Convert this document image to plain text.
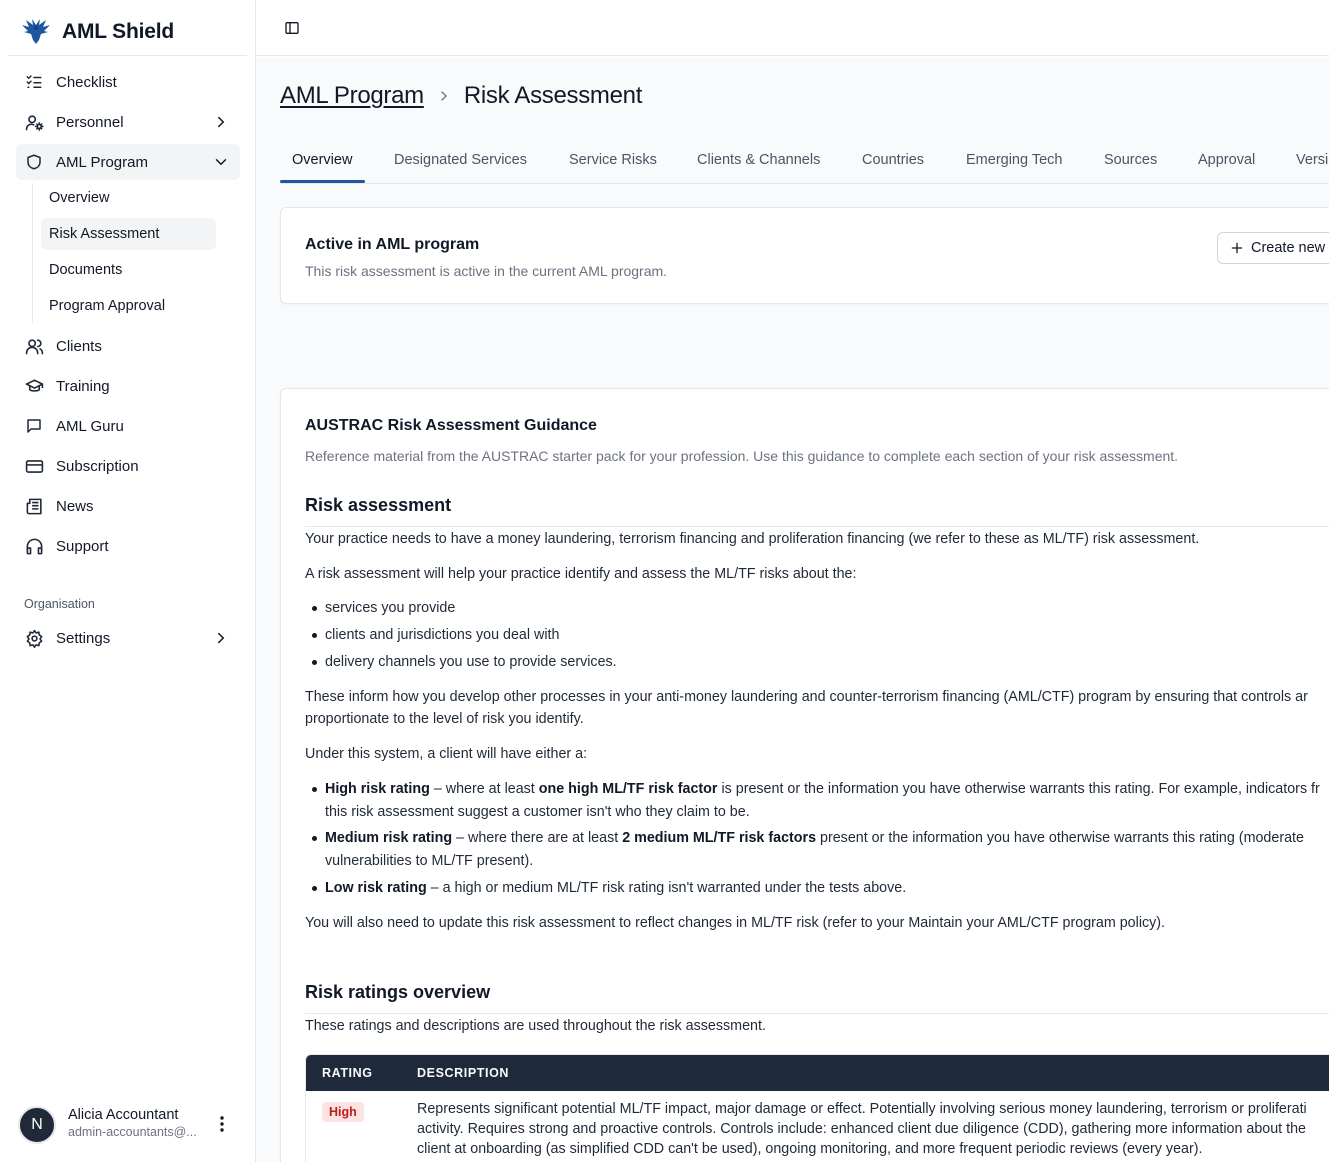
AML Shield
Checklist
Personnel
AML Program
Overview
Risk Assessment
Documents
Program Approval
Clients
Training
AML Guru
Subscription
News
Support
Organisation
Settings
N
Alicia Accountant
admin-accountants@...
AML Program Risk Assessment
Overview	Designated Services	Service Risks	Clients & Channels	Countries	Emerging Tech	Sources	Approval	Versi
Active in AML program
This risk assessment is active in the current AML program.
Create new
AUSTRAC Risk Assessment Guidance
Reference material from the AUSTRAC starter pack for your profession. Use this guidance to complete each section of your risk assessment.
Risk assessment
Your practice needs to have a money laundering, terrorism financing and proliferation financing (we refer to these as ML/TF) risk assessment.
A risk assessment will help your practice identify and assess the ML/TF risks about the:
services you provide
clients and jurisdictions you deal with
delivery channels you use to provide services.
These inform how you develop other processes in your anti-money laundering and counter-terrorism financing (AML/CTF) program by ensuring that controls ar
proportionate to the level of risk you identify.
Under this system, a client will have either a:
High risk rating – where at least one high ML/TF risk factor is present or the information you have otherwise warrants this rating. For example, indicators fr
this risk assessment suggest a customer isn't who they claim to be.
Medium risk rating – where there are at least 2 medium ML/TF risk factors present or the information you have otherwise warrants this rating (moderate
vulnerabilities to ML/TF present).
Low risk rating – a high or medium ML/TF risk rating isn't warranted under the tests above.
You will also need to update this risk assessment to reflect changes in ML/TF risk (refer to your Maintain your AML/CTF program policy).
Risk ratings overview
These ratings and descriptions are used throughout the risk assessment.
RATING	DESCRIPTION
High	Represents significant potential ML/TF impact, major damage or effect. Potentially involving serious money laundering, terrorism or proliferati
activity. Requires strong and proactive controls. Controls include: enhanced client due diligence (CDD), gathering more information about the
client at onboarding (as simplified CDD can't be used), ongoing monitoring, and more frequent periodic reviews (every year).
